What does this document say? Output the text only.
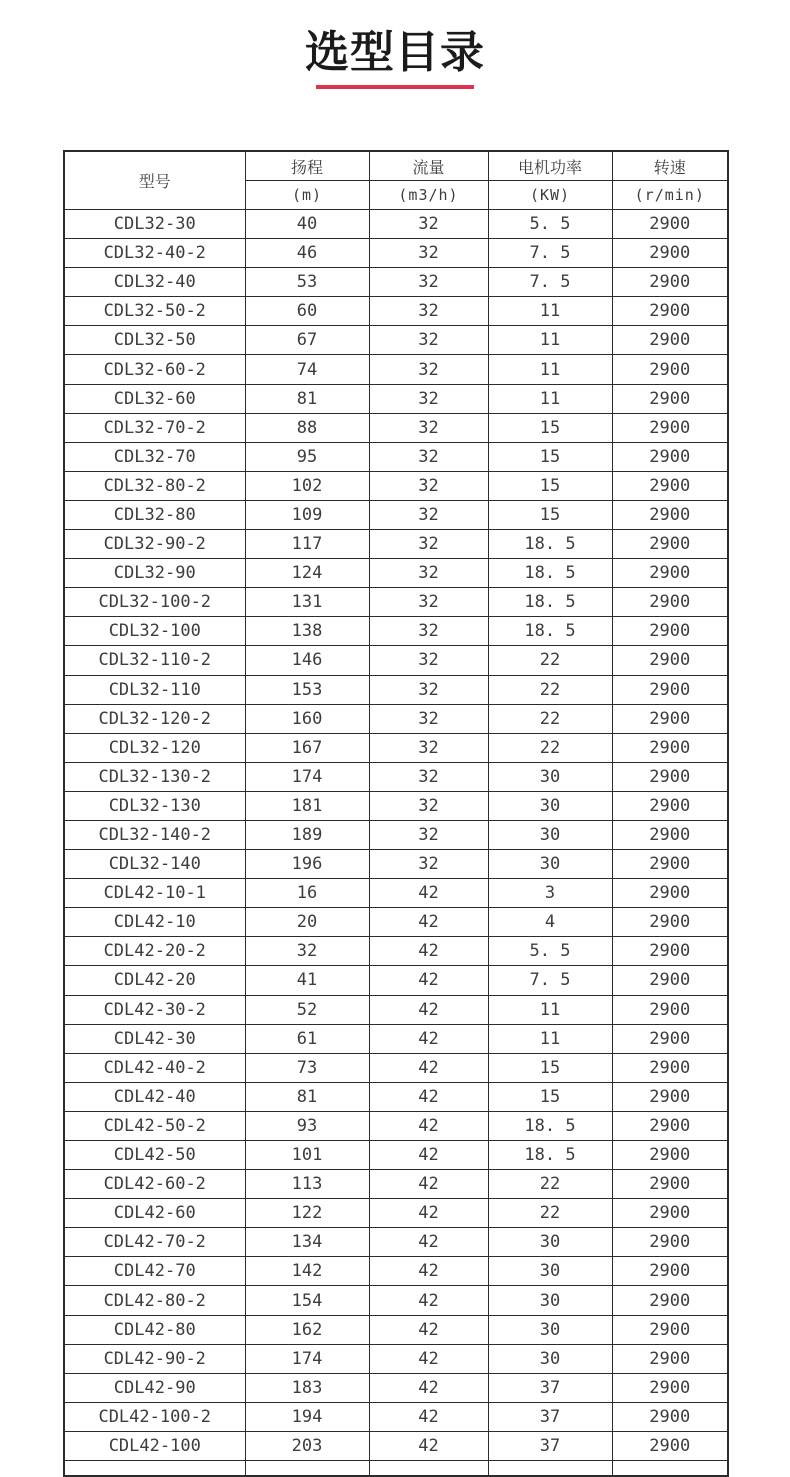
选型目录
型号	扬程	流量	电机功率	转速
	(m)	(m3/h)	(KW)	(r/min)
CDL32-30	40	32	5. 5	2900
CDL32-40-2	46	32	7. 5	2900
CDL32-40	53	32	7. 5	2900
CDL32-50-2	60	32	11	2900
CDL32-50	67	32	11	2900
CDL32-60-2	74	32	11	2900
CDL32-60	81	32	11	2900
CDL32-70-2	88	32	15	2900
CDL32-70	95	32	15	2900
CDL32-80-2	102	32	15	2900
CDL32-80	109	32	15	2900
CDL32-90-2	117	32	18. 5	2900
CDL32-90	124	32	18. 5	2900
CDL32-100-2	131	32	18. 5	2900
CDL32-100	138	32	18. 5	2900
CDL32-110-2	146	32	22	2900
CDL32-110	153	32	22	2900
CDL32-120-2	160	32	22	2900
CDL32-120	167	32	22	2900
CDL32-130-2	174	32	30	2900
CDL32-130	181	32	30	2900
CDL32-140-2	189	32	30	2900
CDL32-140	196	32	30	2900
CDL42-10-1	16	42	3	2900
CDL42-10	20	42	4	2900
CDL42-20-2	32	42	5. 5	2900
CDL42-20	41	42	7. 5	2900
CDL42-30-2	52	42	11	2900
CDL42-30	61	42	11	2900
CDL42-40-2	73	42	15	2900
CDL42-40	81	42	15	2900
CDL42-50-2	93	42	18. 5	2900
CDL42-50	101	42	18. 5	2900
CDL42-60-2	113	42	22	2900
CDL42-60	122	42	22	2900
CDL42-70-2	134	42	30	2900
CDL42-70	142	42	30	2900
CDL42-80-2	154	42	30	2900
CDL42-80	162	42	30	2900
CDL42-90-2	174	42	30	2900
CDL42-90	183	42	37	2900
CDL42-100-2	194	42	37	2900
CDL42-100	203	42	37	2900
